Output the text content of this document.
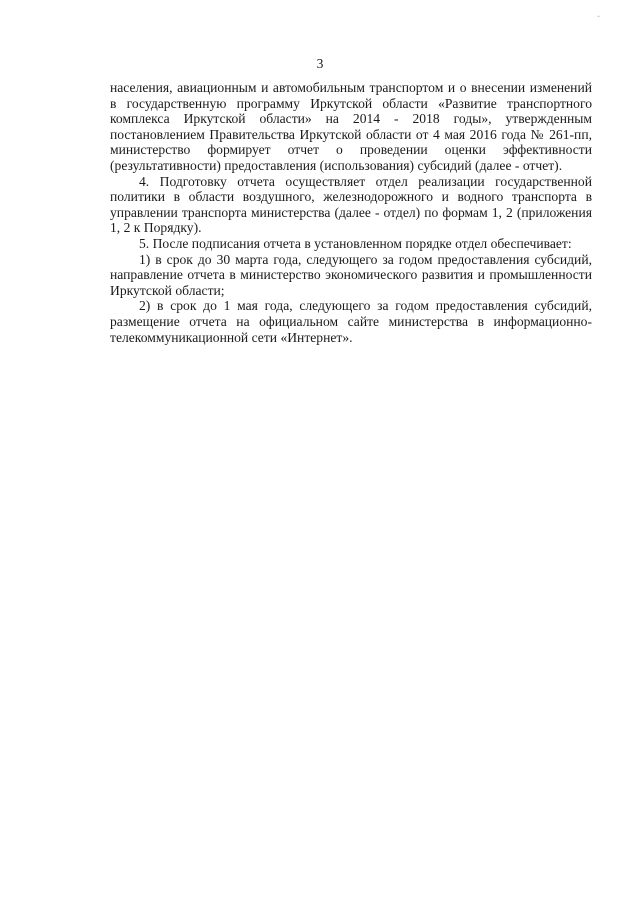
ˇ
3

населения, авиационным и автомобильным транспортом и о внесении изменений в государственную программу Иркутской области «Развитие транспортного комплекса Иркутской области» на 2014 - 2018 годы», утвержденным постановлением Правительства Иркутской области от 4 мая 2016 года № 261-пп, министерство формирует отчет о проведении оценки эффективности (результативности) предоставления (использования) субсидий (далее - отчет).

4. Подготовку отчета осуществляет отдел реализации государственной политики в области воздушного, железнодорожного и водного транспорта в управлении транспорта министерства (далее - отдел) по формам 1, 2 (приложения 1, 2 к Порядку).

5. После подписания отчета в установленном порядке отдел обеспечивает:

1) в срок до 30 марта года, следующего за годом предоставления субсидий, направление отчета в министерство экономического развития и промышленности Иркутской области;

2) в срок до 1 мая года, следующего за годом предоставления субсидий, размещение отчета на официальном сайте министерства в информационно-телекоммуникационной сети «Интернет».
